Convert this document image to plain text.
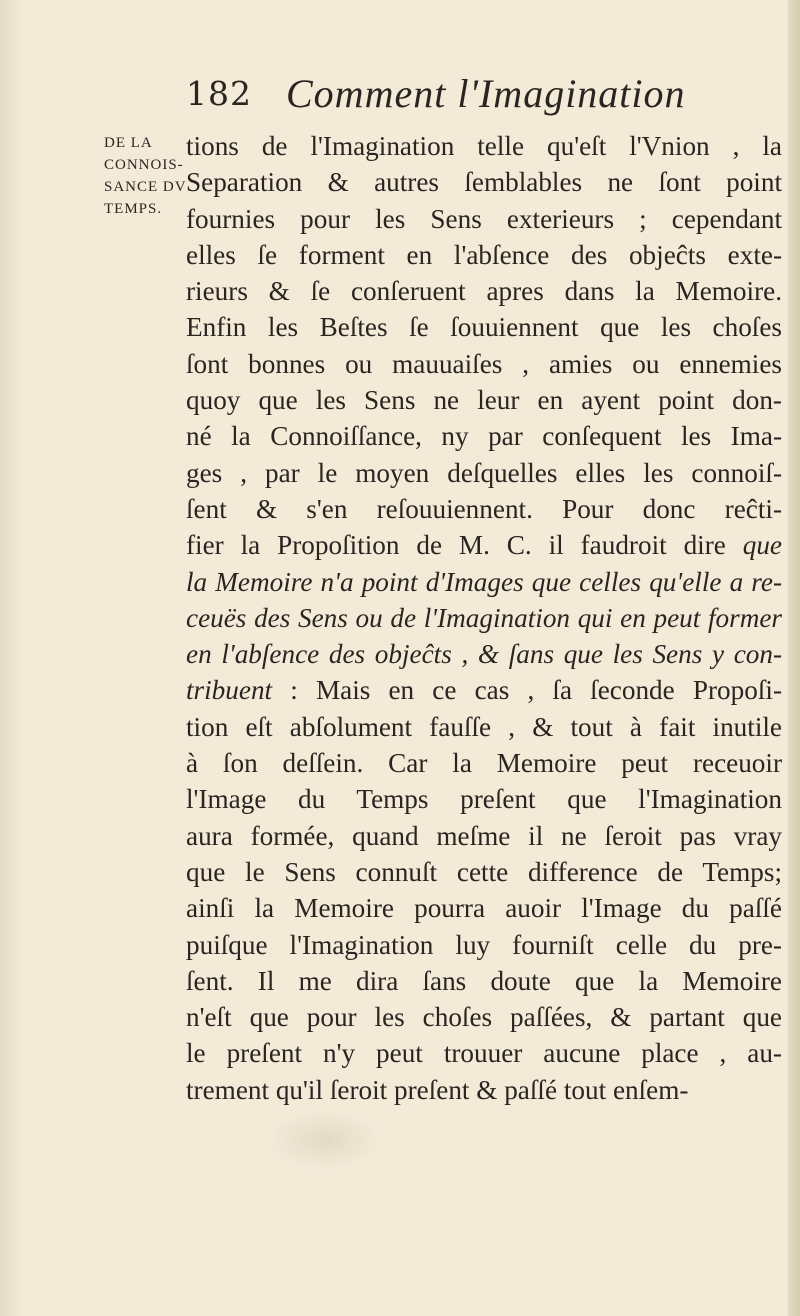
182 Comment l'Imagination
DE LA
CONNOIS-
SANCE DV
TEMPS.
tions de l'Imagination telle qu'eſt l'Vnion , la
Separation & autres ſemblables ne ſont point
fournies pour les Sens exterieurs ; cependant
elles ſe forment en l'abſence des objeĉts exte-
rieurs & ſe conſeruent apres dans la Memoire.
Enfin les Beſtes ſe ſouuiennent que les choſes
ſont bonnes ou mauuaiſes , amies ou ennemies
quoy que les Sens ne leur en ayent point don-
né la Connoiſſance, ny par conſequent les Ima-
ges , par le moyen deſquelles elles les connoiſ-
ſent & s'en reſouuiennent. Pour donc reĉti-
fier la Propoſition de M. C. il faudroit dire que
la Memoire n'a point d'Images que celles qu'elle a re-
ceuës des Sens ou de l'Imagination qui en peut former
en l'abſence des objeĉts , & ſans que les Sens y con-
tribuent : Mais en ce cas , ſa ſeconde Propoſi-
tion eſt abſolument fauſſe , & tout à fait inutile
à ſon deſſein. Car la Memoire peut receuoir
l'Image du Temps preſent que l'Imagination
aura formée, quand meſme il ne ſeroit pas vray
que le Sens connuſt cette difference de Temps;
ainſi la Memoire pourra auoir l'Image du paſſé
puiſque l'Imagination luy fourniſt celle du pre-
ſent. Il me dira ſans doute que la Memoire
n'eſt que pour les choſes paſſées, & partant que
le preſent n'y peut trouuer aucune place , au-
trement qu'il ſeroit preſent & paſſé tout enſem-
